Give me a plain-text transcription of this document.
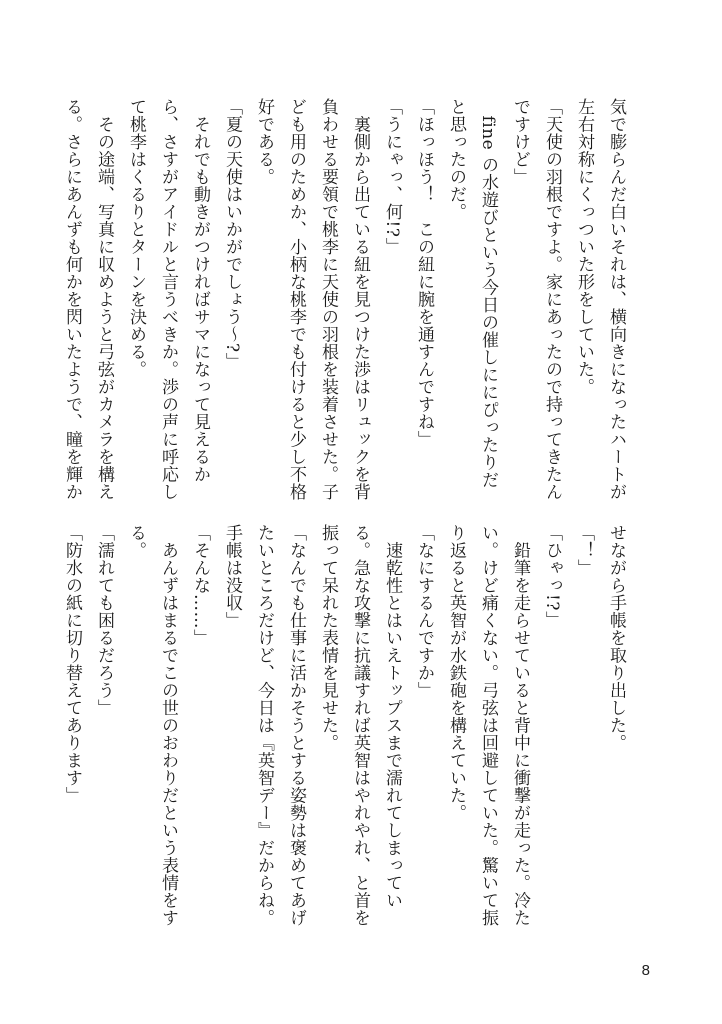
気で膨らんだ白いそれは、横向きになったハートが左右対称にくっついた形をしていた。

「天使の羽根ですよ。家にあったので持ってきたんですけど」

　fine の水遊びという今日の催しににぴったりだと思ったのだ。

「ほっほう！　この紐に腕を通すんですね」

「うにゃっ、何!?」

　裏側から出ている紐を見つけた渉はリュックを背負わせる要領で桃李に天使の羽根を装着させた。子ども用のためか、小柄な桃李でも付けると少し不格好である。

「夏の天使はいかがでしょう〜?」

　それでも動きがつければサマになって見えるから、さすがアイドルと言うべきか。渉の声に呼応して桃李はくるりとターンを決める。

　その途端、写真に収めようと弓弦がカメラを構える。さらにあんずも何かを閃いたようで、瞳を輝か

せながら手帳を取り出した。

「！」

「ひゃっ!?」

　鉛筆を走らせていると背中に衝撃が走った。冷たい。けど痛くない。弓弦は回避していた。驚いて振り返ると英智が水鉄砲を構えていた。

「なにするんですか」

　速乾性とはいえトップスまで濡れてしまっている。急な攻撃に抗議すれば英智はやれやれ、と首を振って呆れた表情を見せた。

「なんでも仕事に活かそうとする姿勢は褒めてあげたいところだけど、今日は『英智デー』だからね。手帳は没収」

「そんな……」

　あんずはまるでこの世のおわりだという表情をする。

「濡れても困るだろう」

「防水の紙に切り替えてあります」

8
